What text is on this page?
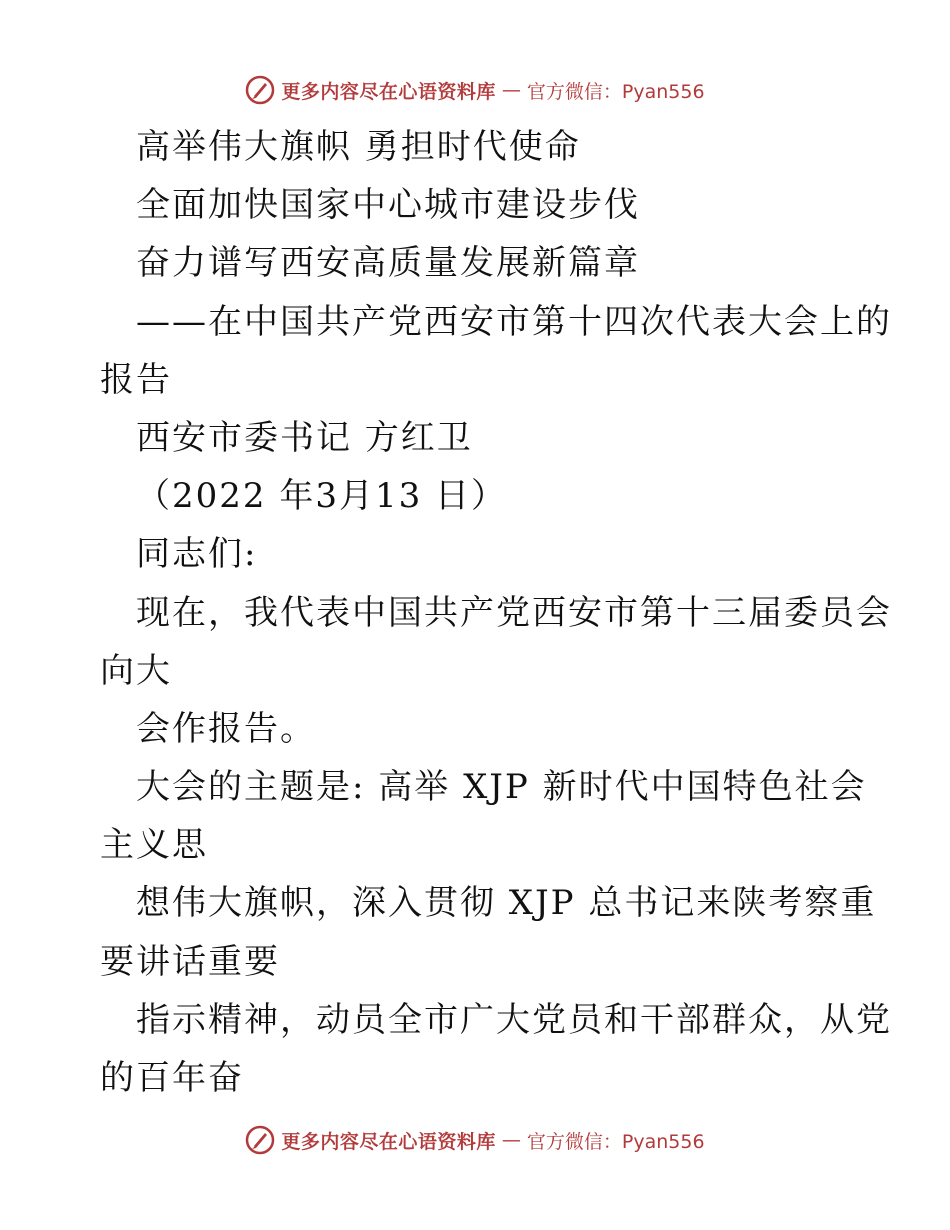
更多内容尽在心语资料库 — 官方微信：Pyan556
高举伟大旗帜 勇担时代使命
全面加快国家中心城市建设步伐
奋力谱写西安高质量发展新篇章
——在中国共产党西安市第十四次代表大会上的
报告
西安市委书记 方红卫
（2022 年3月13 日）
同志们:
现在，我代表中国共产党西安市第十三届委员会
向大
会作报告。
大会的主题是: 高举 XJP 新时代中国特色社会
主义思
想伟大旗帜，深入贯彻 XJP 总书记来陕考察重
要讲话重要
指示精神，动员全市广大党员和干部群众，从党
的百年奋
更多内容尽在心语资料库 — 官方微信：Pyan556
